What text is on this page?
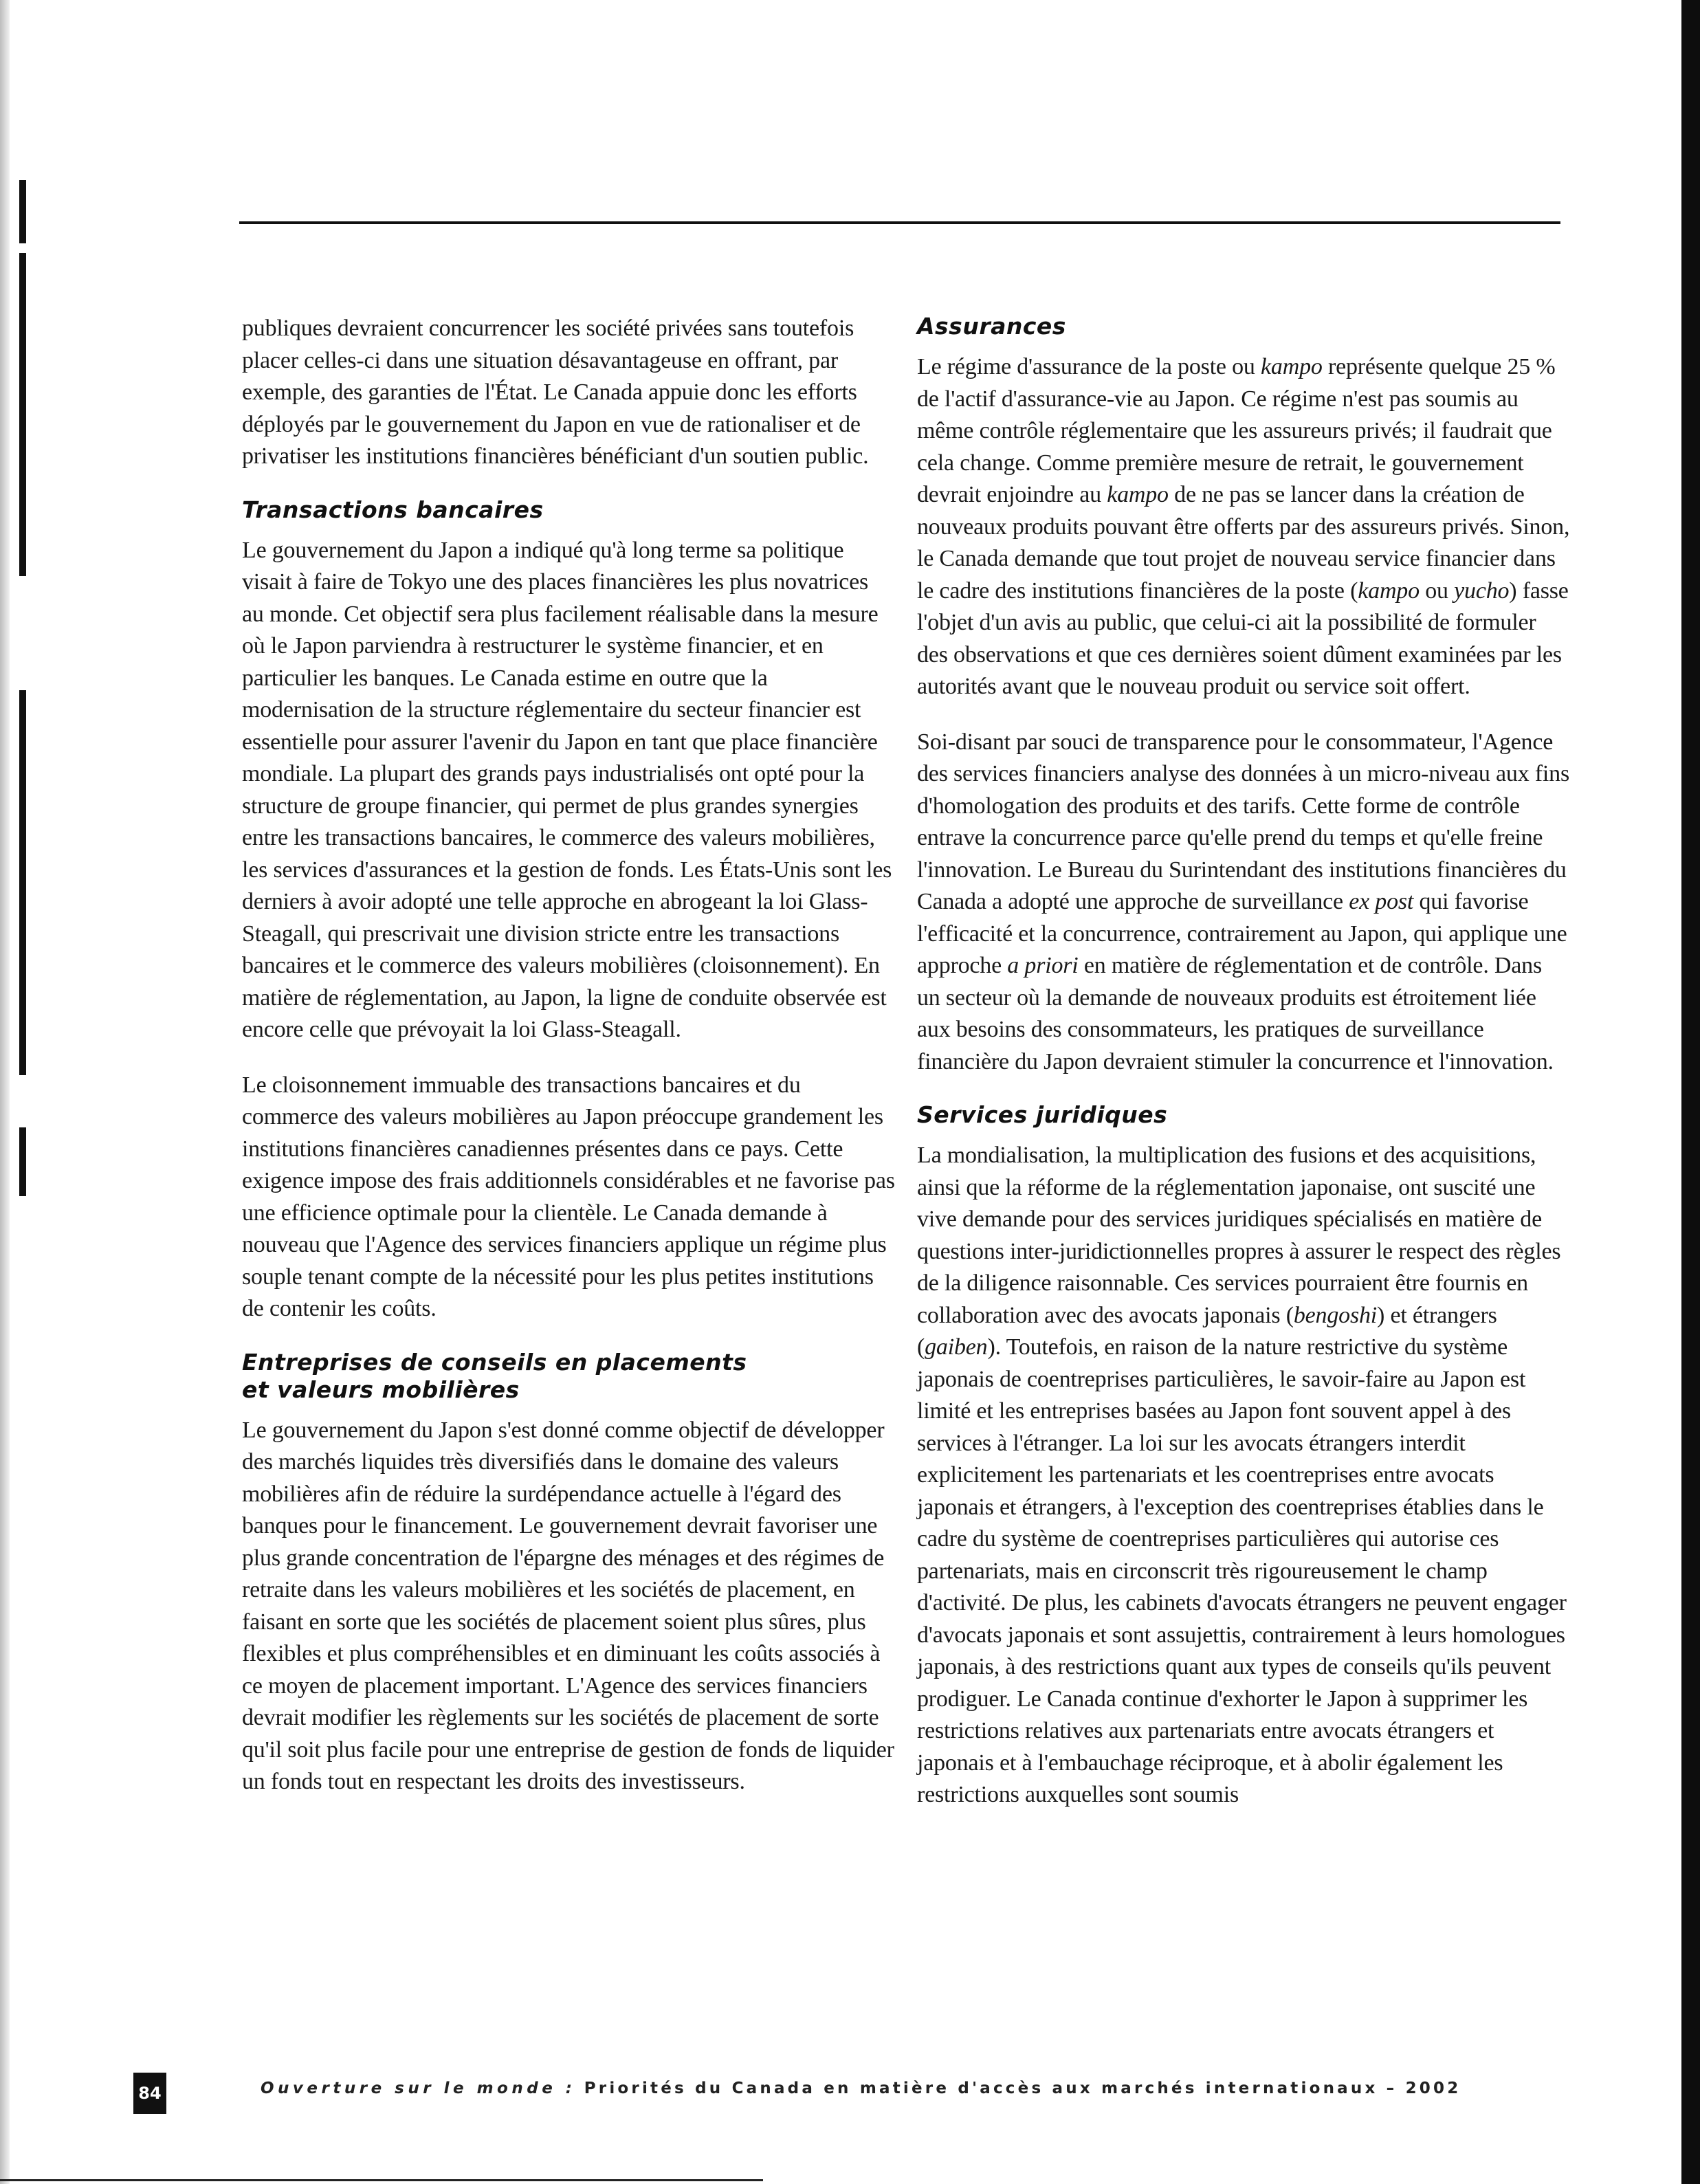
publiques devraient concurrencer les société privées sans toutefois placer celles-ci dans une situation désavantageuse en offrant, par exemple, des garanties de l'État. Le Canada appuie donc les efforts déployés par le gouvernement du Japon en vue de rationaliser et de privatiser les institutions financières bénéficiant d'un soutien public.

Transactions bancaires

Le gouvernement du Japon a indiqué qu'à long terme sa politique visait à faire de Tokyo une des places financières les plus novatrices au monde. Cet objectif sera plus facilement réalisable dans la mesure où le Japon parviendra à restructurer le système financier, et en particulier les banques. Le Canada estime en outre que la modernisation de la structure réglementaire du secteur financier est essentielle pour assurer l'avenir du Japon en tant que place financière mondiale. La plupart des grands pays industrialisés ont opté pour la structure de groupe financier, qui permet de plus grandes synergies entre les transactions bancaires, le commerce des valeurs mobilières, les services d'assurances et la gestion de fonds. Les États-Unis sont les derniers à avoir adopté une telle approche en abrogeant la loi Glass-Steagall, qui prescrivait une division stricte entre les transactions bancaires et le commerce des valeurs mobilières (cloisonnement). En matière de réglementation, au Japon, la ligne de conduite observée est encore celle que prévoyait la loi Glass-Steagall.

Le cloisonnement immuable des transactions bancaires et du commerce des valeurs mobilières au Japon préoccupe grandement les institutions financières canadiennes présentes dans ce pays. Cette exigence impose des frais additionnels considérables et ne favorise pas une efficience optimale pour la clientèle. Le Canada demande à nouveau que l'Agence des services financiers applique un régime plus souple tenant compte de la nécessité pour les plus petites institutions de contenir les coûts.

Entreprises de conseils en placements
et valeurs mobilières

Le gouvernement du Japon s'est donné comme objectif de développer des marchés liquides très diversifiés dans le domaine des valeurs mobilières afin de réduire la surdépendance actuelle à l'égard des banques pour le financement. Le gouvernement devrait favoriser une plus grande concentration de l'épargne des ménages et des régimes de retraite dans les valeurs mobilières et les sociétés de placement, en faisant en sorte que les sociétés de placement soient plus sûres, plus flexibles et plus compréhensibles et en diminuant les coûts associés à ce moyen de placement important. L'Agence des services financiers devrait modifier les règlements sur les sociétés de placement de sorte qu'il soit plus facile pour une entreprise de gestion de fonds de liquider un fonds tout en respectant les droits des investisseurs.

Assurances

Le régime d'assurance de la poste ou kampo représente quelque 25 % de l'actif d'assurance-vie au Japon. Ce régime n'est pas soumis au même contrôle réglementaire que les assureurs privés; il faudrait que cela change. Comme première mesure de retrait, le gouvernement devrait enjoindre au kampo de ne pas se lancer dans la création de nouveaux produits pouvant être offerts par des assureurs privés. Sinon, le Canada demande que tout projet de nouveau service financier dans le cadre des institutions financières de la poste (kampo ou yucho) fasse l'objet d'un avis au public, que celui-ci ait la possibilité de formuler des observations et que ces dernières soient dûment examinées par les autorités avant que le nouveau produit ou service soit offert.

Soi-disant par souci de transparence pour le consommateur, l'Agence des services financiers analyse des données à un micro-niveau aux fins d'homologation des produits et des tarifs. Cette forme de contrôle entrave la concurrence parce qu'elle prend du temps et qu'elle freine l'innovation. Le Bureau du Surintendant des institutions financières du Canada a adopté une approche de surveillance ex post qui favorise l'efficacité et la concurrence, contrairement au Japon, qui applique une approche a priori en matière de réglementation et de contrôle. Dans un secteur où la demande de nouveaux produits est étroitement liée aux besoins des consommateurs, les pratiques de surveillance financière du Japon devraient stimuler la concurrence et l'innovation.

Services juridiques

La mondialisation, la multiplication des fusions et des acquisitions, ainsi que la réforme de la réglementation japonaise, ont suscité une vive demande pour des services juridiques spécialisés en matière de questions inter-juridictionnelles propres à assurer le respect des règles de la diligence raisonnable. Ces services pourraient être fournis en collaboration avec des avocats japonais (bengoshi) et étrangers (gaiben). Toutefois, en raison de la nature restrictive du système japonais de coentreprises particulières, le savoir-faire au Japon est limité et les entreprises basées au Japon font souvent appel à des services à l'étranger. La loi sur les avocats étrangers interdit explicitement les partenariats et les coentreprises entre avocats japonais et étrangers, à l'exception des coentreprises établies dans le cadre du système de coentreprises particulières qui autorise ces partenariats, mais en circonscrit très rigoureusement le champ d'activité. De plus, les cabinets d'avocats étrangers ne peuvent engager d'avocats japonais et sont assujettis, contrairement à leurs homologues japonais, à des restrictions quant aux types de conseils qu'ils peuvent prodiguer. Le Canada continue d'exhorter le Japon à supprimer les restrictions relatives aux partenariats entre avocats étrangers et japonais et à l'embauchage réciproque, et à abolir également les restrictions auxquelles sont soumis

84	Ouverture sur le monde : Priorités du Canada en matière d'accès aux marchés internationaux – 2002
